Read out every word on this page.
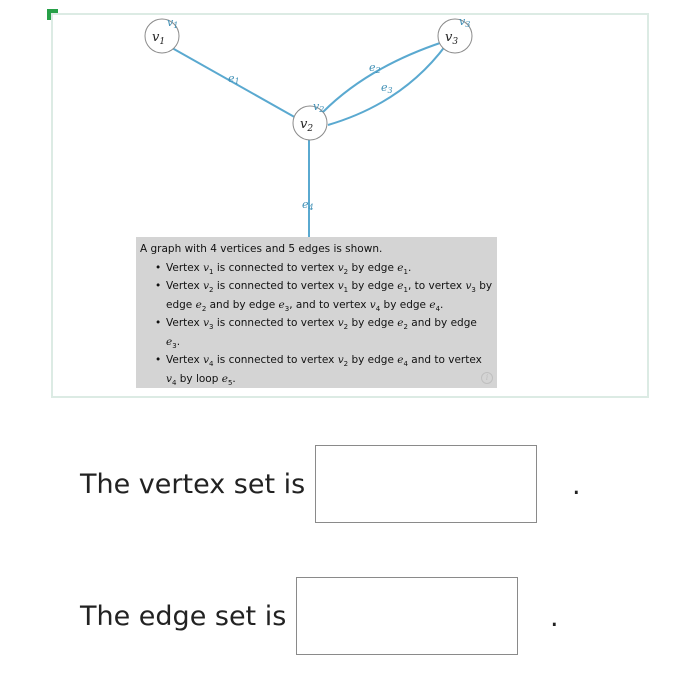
$v_1$
$v_2$
$v_3$
v1
v2
v3
e1
e2
e3
e4
A graph with 4 vertices and 5 edges is shown.
• Vertex $v_1$ is connected to vertex $v_2$ by edge $e_1$.
• Vertex $v_2$ is connected to vertex $v_1$ by edge $e_1$, to vertex $v_3$ by edge $e_2$ and by edge $e_3$, and to vertex $v_4$ by edge $e_4$.
• Vertex $v_3$ is connected to vertex $v_2$ by edge $e_2$ and by edge $e_3$.
• Vertex $v_4$ is connected to vertex $v_2$ by edge $e_4$ and to vertex $v_4$ by loop $e_5$.	i
The vertex set is	.
The edge set is	.
